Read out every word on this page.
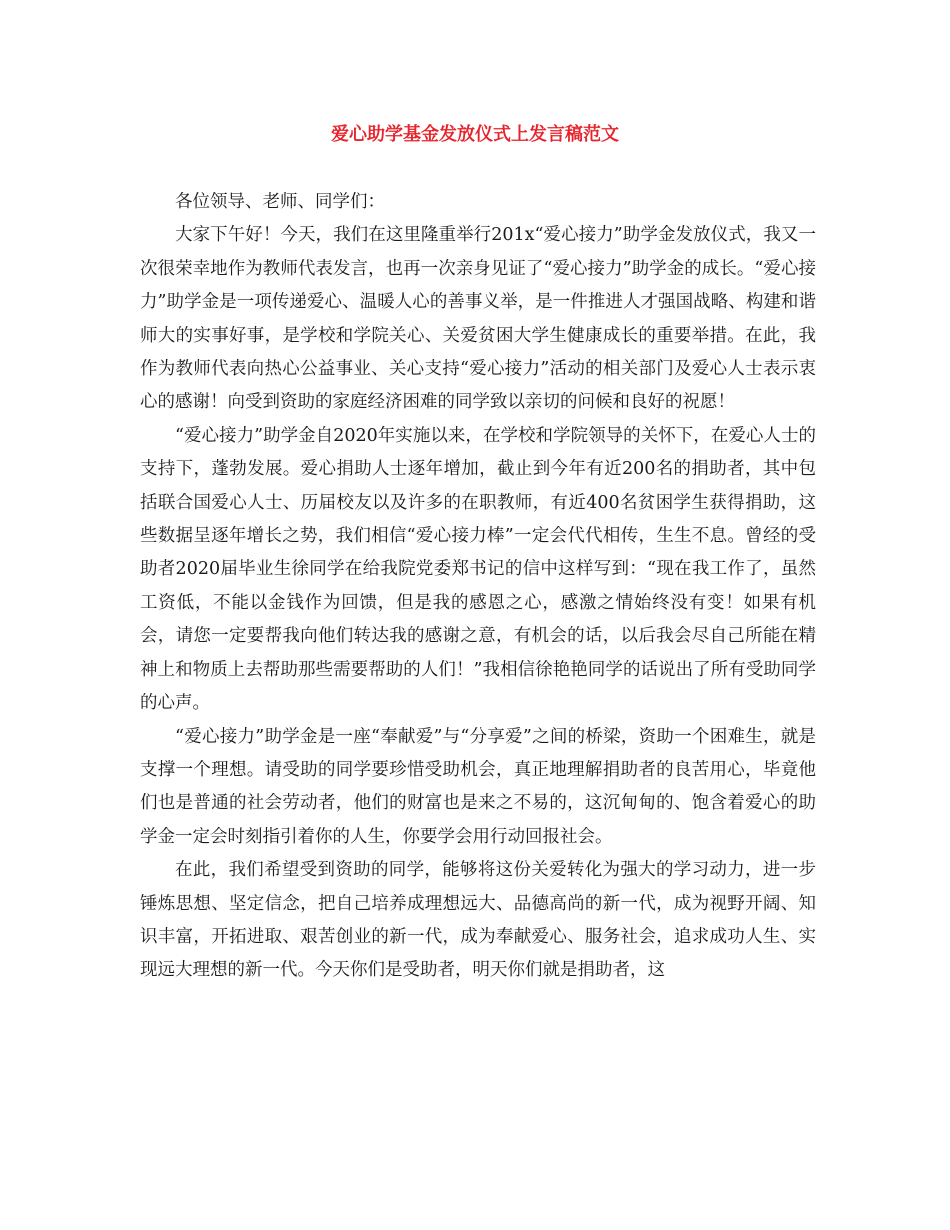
爱心助学基金发放仪式上发言稿范文

各位领导、老师、同学们：

大家下午好！今天，我们在这里隆重举行201x“爱心接力”助学金发放仪式，我又一次很荣幸地作为教师代表发言，也再一次亲身见证了“爱心接力”助学金的成长。“爱心接力”助学金是一项传递爱心、温暖人心的善事义举，是一件推进人才强国战略、构建和谐师大的实事好事，是学校和学院关心、关爱贫困大学生健康成长的重要举措。在此，我作为教师代表向热心公益事业、关心支持“爱心接力”活动的相关部门及爱心人士表示衷心的感谢！向受到资助的家庭经济困难的同学致以亲切的问候和良好的祝愿！

“爱心接力”助学金自2020年实施以来，在学校和学院领导的关怀下，在爱心人士的支持下，蓬勃发展。爱心捐助人士逐年增加，截止到今年有近200名的捐助者，其中包括联合国爱心人士、历届校友以及许多的在职教师，有近400名贫困学生获得捐助，这些数据呈逐年增长之势，我们相信“爱心接力棒”一定会代代相传，生生不息。曾经的受助者2020届毕业生徐同学在给我院党委郑书记的信中这样写到：“现在我工作了，虽然工资低，不能以金钱作为回馈，但是我的感恩之心，感激之情始终没有变！如果有机会，请您一定要帮我向他们转达我的感谢之意，有机会的话，以后我会尽自己所能在精神上和物质上去帮助那些需要帮助的人们！”我相信徐艳艳同学的话说出了所有受助同学的心声。

“爱心接力”助学金是一座“奉献爱”与“分享爱”之间的桥梁，资助一个困难生，就是支撑一个理想。请受助的同学要珍惜受助机会，真正地理解捐助者的良苦用心，毕竟他们也是普通的社会劳动者，他们的财富也是来之不易的，这沉甸甸的、饱含着爱心的助学金一定会时刻指引着你的人生，你要学会用行动回报社会。

在此，我们希望受到资助的同学，能够将这份关爱转化为强大的学习动力，进一步锤炼思想、坚定信念，把自己培养成理想远大、品德高尚的新一代，成为视野开阔、知识丰富，开拓进取、艰苦创业的新一代，成为奉献爱心、服务社会，追求成功人生、实现远大理想的新一代。今天你们是受助者，明天你们就是捐助者，这
